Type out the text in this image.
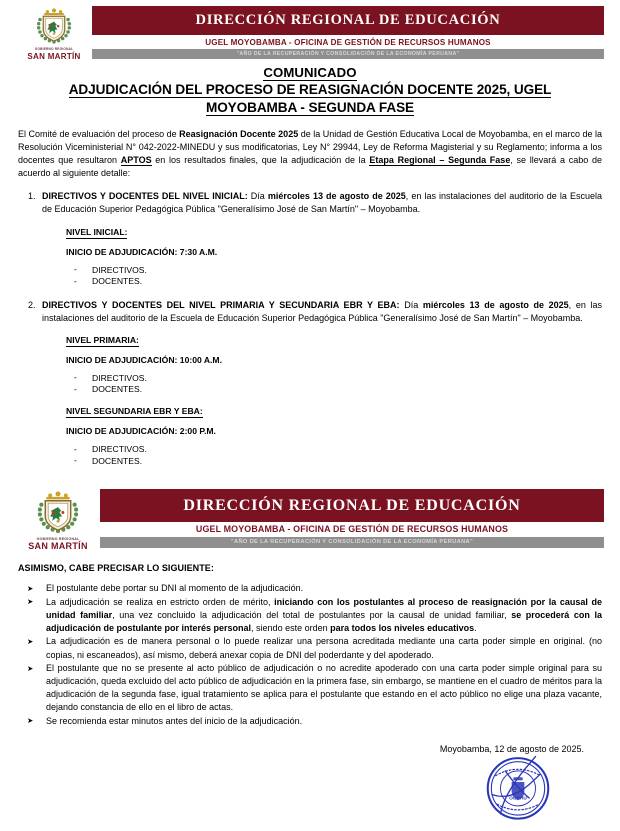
GOBIERNO REGIONAL
SAN MARTÍN
DIRECCIÓN REGIONAL DE EDUCACIÓN
UGEL MOYOBAMBA - OFICINA DE GESTIÓN DE RECURSOS HUMANOS
"AÑO DE LA RECUPERACIÓN Y CONSOLIDACIÓN DE LA ECONOMÍA PERUANA"
COMUNICADO
ADJUDICACIÓN DEL PROCESO DE REASIGNACIÓN DOCENTE 2025, UGEL
MOYOBAMBA - SEGUNDA FASE
El Comité de evaluación del proceso de Reasignación Docente 2025 de la Unidad de Gestión Educativa Local de Moyobamba, en el marco de la Resolución Viceministerial N° 042-2022-MINEDU y sus modificatorias, Ley N° 29944, Ley de Reforma Magisterial y su Reglamento; informa a los docentes que resultaron APTOS en los resultados finales, que la adjudicación de la Etapa Regional – Segunda Fase, se llevará a cabo de acuerdo al siguiente detalle:
1. DIRECTIVOS Y DOCENTES DEL NIVEL INICIAL: Día miércoles 13 de agosto de 2025, en las instalaciones del auditorio de la Escuela de Educación Superior Pedagógica Pública "Generalísimo José de San Martín" – Moyobamba.
NIVEL INICIAL:
INICIO DE ADJUDICACIÓN: 7:30 A.M.
- DIRECTIVOS.
- DOCENTES.
2. DIRECTIVOS Y DOCENTES DEL NIVEL PRIMARIA Y SECUNDARIA EBR Y EBA: Día miércoles 13 de agosto de 2025, en las instalaciones del auditorio de la Escuela de Educación Superior Pedagógica Pública "Generalísimo José de San Martín" – Moyobamba.
NIVEL PRIMARIA:
INICIO DE ADJUDICACIÓN: 10:00 A.M.
- DIRECTIVOS.
- DOCENTES.
NIVEL SEGUNDARIA EBR Y EBA:
INICIO DE ADJUDICACIÓN: 2:00 P.M.
- DIRECTIVOS.
- DOCENTES.
GOBIERNO REGIONAL
SAN MARTÍN
DIRECCIÓN REGIONAL DE EDUCACIÓN
UGEL MOYOBAMBA - OFICINA DE GESTIÓN DE RECURSOS HUMANOS
"AÑO DE LA RECUPERACIÓN Y CONSOLIDACIÓN DE LA ECONOMÍA PERUANA"
ASIMISMO, CABE PRECISAR LO SIGUIENTE:
➤ El postulante debe portar su DNI al momento de la adjudicación.
➤ La adjudicación se realiza en estricto orden de mérito, iniciando con los postulantes al proceso de reasignación por la causal de unidad familiar, una vez concluido la adjudicación del total de postulantes por la causal de unidad familiar, se procederá con la adjudicación de postulante por interés personal, siendo este orden para todos los niveles educativos.
➤ La adjudicación es de manera personal o lo puede realizar una persona acreditada mediante una carta poder simple en original. (no copias, ni escaneados), así mismo, deberá anexar copia de DNI del poderdante y del apoderado.
➤ El postulante que no se presente al acto público de adjudicación o no acredite apoderado con una carta poder simple original para su adjudicación, queda excluido del acto público de adjudicación en la primera fase, sin embargo, se mantiene en el cuadro de méritos para la adjudicación de la segunda fase, igual tratamiento se aplica para el postulante que estando en el acto público no elige una plaza vacante, dejando constancia de ello en el libro de actas.
➤ Se recomienda estar minutos antes del inicio de la adjudicación.
Moyobamba, 12 de agosto de 2025.
OGRHU
